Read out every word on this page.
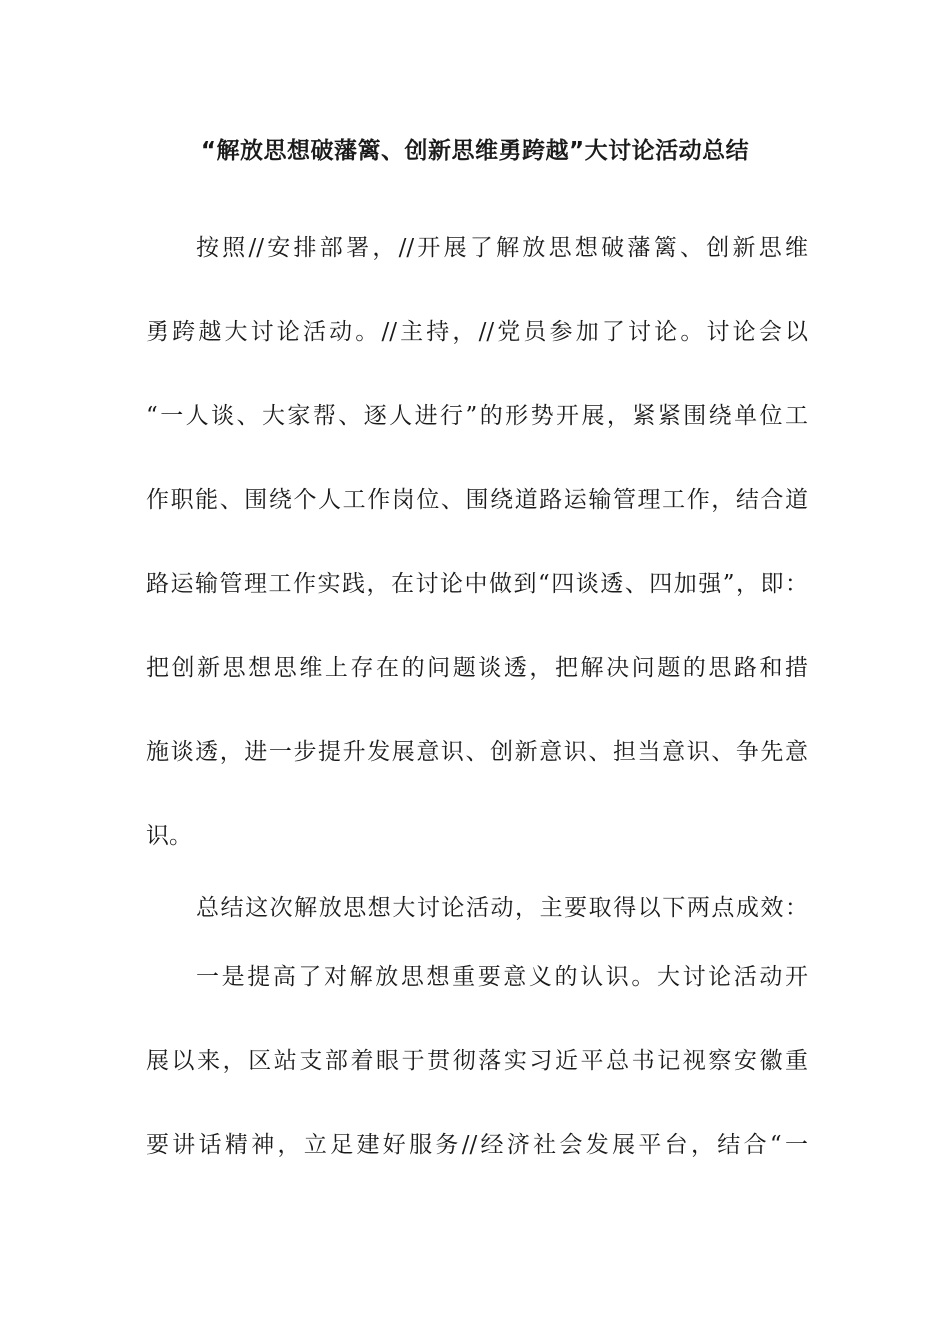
“解放思想破藩篱、创新思维勇跨越”大讨论活动总结

按照//安排部署，//开展了解放思想破藩篱、创新思维

勇跨越大讨论活动。//主持，//党员参加了讨论。讨论会以

“一人谈、大家帮、逐人进行”的形势开展，紧紧围绕单位工

作职能、围绕个人工作岗位、围绕道路运输管理工作，结合道

路运输管理工作实践，在讨论中做到“四谈透、四加强”，即：

把创新思想思维上存在的问题谈透，把解决问题的思路和措

施谈透，进一步提升发展意识、创新意识、担当意识、争先意

识。

总结这次解放思想大讨论活动，主要取得以下两点成效：

一是提高了对解放思想重要意义的认识。大讨论活动开

展以来，区站支部着眼于贯彻落实习近平总书记视察安徽重

要讲话精神，立足建好服务//经济社会发展平台，结合“一
